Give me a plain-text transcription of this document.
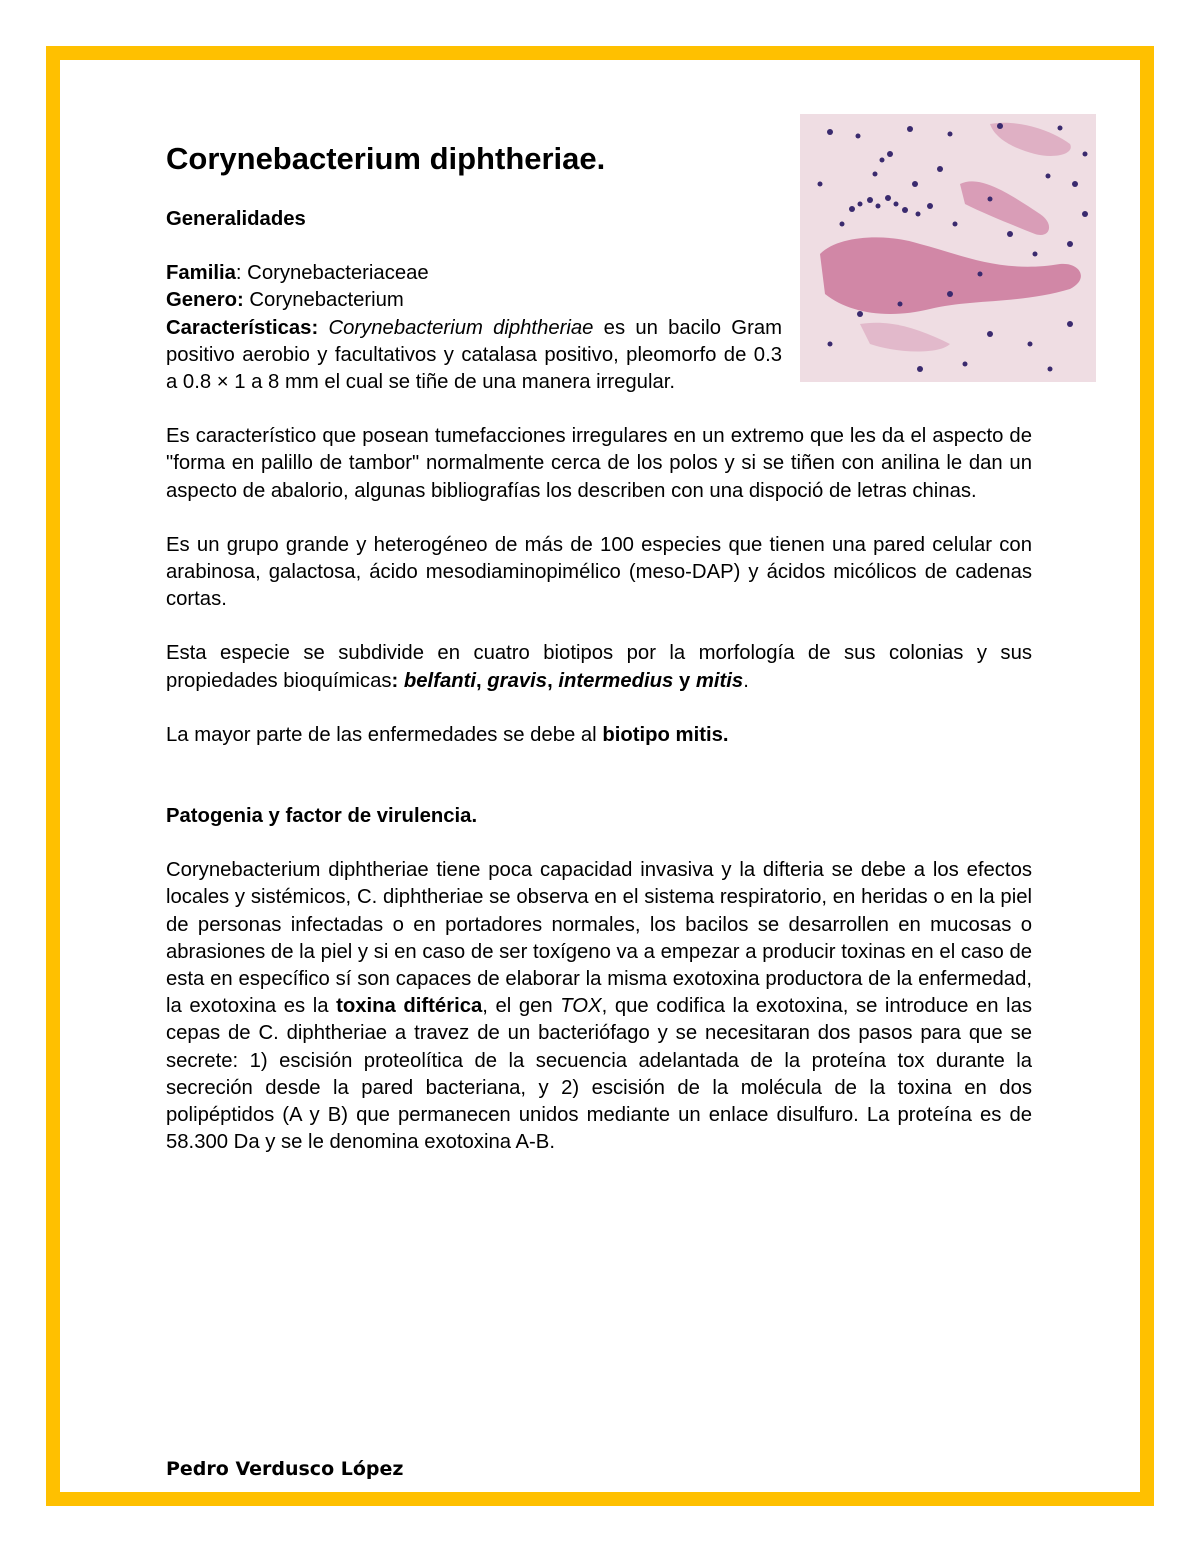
Corynebacterium diphtheriae.

Generalidades

Familia: Corynebacteriaceae

Genero: Corynebacterium

Características: Corynebacterium diphtheriae es un bacilo Gram positivo aerobio y facultativos y catalasa positivo, pleomorfo de 0.3 a 0.8 × 1 a 8 mm el cual se tiñe de una manera irregular.

Es característico que posean tumefacciones irregulares en un extremo que les da el aspecto de "forma en palillo de tambor" normalmente cerca de los polos y si se tiñen con anilina le dan un aspecto de abalorio, algunas bibliografías los describen con una dispoció de letras chinas.

Es un grupo grande y heterogéneo de más de 100 especies que tienen una pared celular con arabinosa, galactosa, ácido mesodiaminopimélico (meso-DAP) y ácidos micólicos de cadenas cortas.

Esta especie se subdivide en cuatro biotipos por la morfología de sus colonias y sus propiedades bioquímicas: belfanti, gravis, intermedius y mitis.

La mayor parte de las enfermedades se debe al biotipo mitis.

Patogenia y factor de virulencia.

Corynebacterium diphtheriae tiene poca capacidad invasiva y la difteria se debe a los efectos locales y sistémicos, C. diphtheriae se observa en el sistema respiratorio, en heridas o en la piel de personas infectadas o en portadores normales, los bacilos se desarrollen en mucosas o abrasiones de la piel y si en caso de ser toxígeno va a empezar a producir toxinas en el caso de esta en específico sí son capaces de elaborar la misma exotoxina productora de la enfermedad, la exotoxina es la toxina diftérica, el gen TOX, que codifica la exotoxina, se introduce en las cepas de C. diphtheriae a travez de un bacteriófago y se necesitaran dos pasos para que se secrete: 1) escisión proteolítica de la secuencia adelantada de la proteína tox durante la secreción desde la pared bacteriana, y 2) escisión de la molécula de la toxina en dos polipéptidos (A y B) que permanecen unidos mediante un enlace disulfuro. La proteína es de 58.300 Da y se le denomina exotoxina A-B.

Pedro Verdusco López
